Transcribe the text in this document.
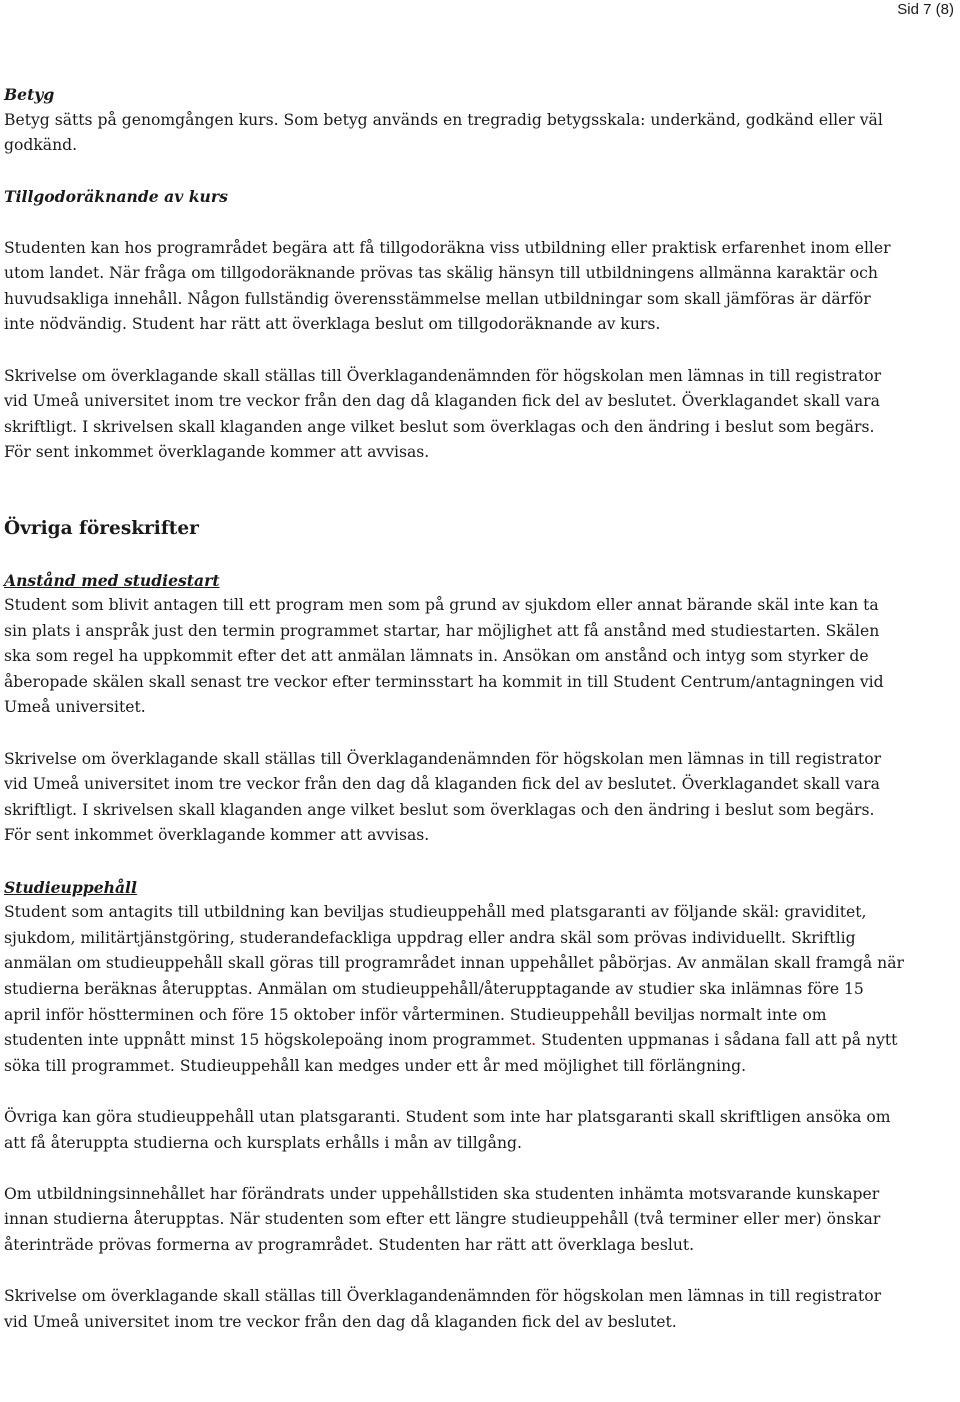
Sid 7 (8)
Betyg

Betyg sätts på genomgången kurs. Som betyg används en tregradig betygsskala: underkänd, godkänd eller väl godkänd.

Tillgodoräknande av kurs

Studenten kan hos programrådet begära att få tillgodoräkna viss utbildning eller praktisk erfarenhet inom eller utom landet. När fråga om tillgodoräknande prövas tas skälig hänsyn till utbildningens allmänna karaktär och huvudsakliga innehåll. Någon fullständig överensstämmelse mellan utbildningar som skall jämföras är därför inte nödvändig. Student har rätt att överklaga beslut om tillgodoräknande av kurs.

Skrivelse om överklagande skall ställas till Överklagandenämnden för högskolan men lämnas in till registrator vid Umeå universitet inom tre veckor från den dag då klaganden fick del av beslutet. Överklagandet skall vara skriftligt. I skrivelsen skall klaganden ange vilket beslut som överklagas och den ändring i beslut som begärs. För sent inkommet överklagande kommer att avvisas.

Övriga föreskrifter
Anstånd med studiestart

Student som blivit antagen till ett program men som på grund av sjukdom eller annat bärande skäl inte kan ta sin plats i anspråk just den termin programmet startar, har möjlighet att få anstånd med studiestarten. Skälen ska som regel ha uppkommit efter det att anmälan lämnats in. Ansökan om anstånd och intyg som styrker de åberopade skälen skall senast tre veckor efter terminsstart ha kommit in till Student Centrum/antagningen vid Umeå universitet.

Skrivelse om överklagande skall ställas till Överklagandenämnden för högskolan men lämnas in till registrator vid Umeå universitet inom tre veckor från den dag då klaganden fick del av beslutet. Överklagandet skall vara skriftligt. I skrivelsen skall klaganden ange vilket beslut som överklagas och den ändring i beslut som begärs. För sent inkommet överklagande kommer att avvisas.

Studieuppehåll

Student som antagits till utbildning kan beviljas studieuppehåll med platsgaranti av följande skäl: graviditet, sjukdom, militärtjänstgöring, studerandefackliga uppdrag eller andra skäl som prövas individuellt. Skriftlig anmälan om studieuppehåll skall göras till programrådet innan uppehållet påbörjas. Av anmälan skall framgå när studierna beräknas återupptas. Anmälan om studieuppehåll/återupptagande av studier ska inlämnas före 15 april inför höstterminen och före 15 oktober inför vårterminen. Studieuppehåll beviljas normalt inte om studenten inte uppnått minst 15 högskolepoäng inom programmet. Studenten uppmanas i sådana fall att på nytt söka till programmet. Studieuppehåll kan medges under ett år med möjlighet till förlängning.

Övriga kan göra studieuppehåll utan platsgaranti. Student som inte har platsgaranti skall skriftligen ansöka om att få återuppta studierna och kursplats erhålls i mån av tillgång.

Om utbildningsinnehållet har förändrats under uppehållstiden ska studenten inhämta motsvarande kunskaper innan studierna återupptas. När studenten som efter ett längre studieuppehåll (två terminer eller mer) önskar återinträde prövas formerna av programrådet. Studenten har rätt att överklaga beslut.

Skrivelse om överklagande skall ställas till Överklagandenämnden för högskolan men lämnas in till registrator vid Umeå universitet inom tre veckor från den dag då klaganden fick del av beslutet.
